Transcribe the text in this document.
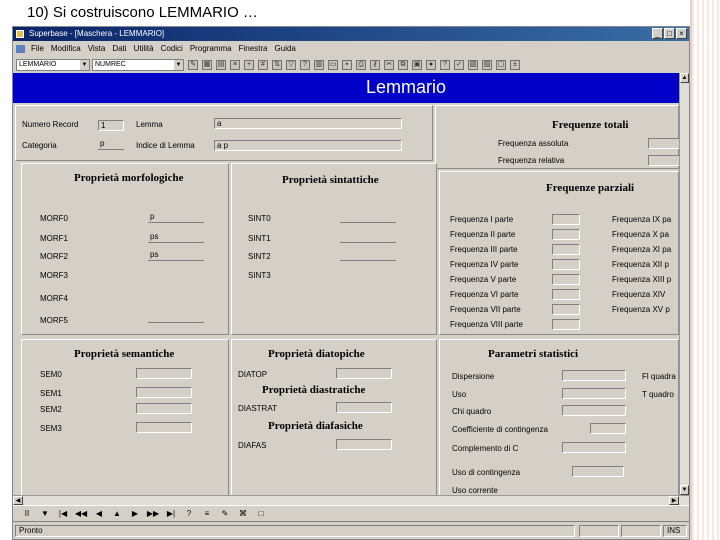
10) Si costruiscono LEMMARIO …
Superbase - [Maschera - LEMMARIO]	_ □ ×
File Modifica Vista Dati Utilità Codici Programma Finestra Guida
LEMMARIO	▼	NUMREC	▼ ✎ ▦ ▤	≡	+	#	⇅	▽	?	▥ ▭	▪	⎙	⚷	✂	⧉	▣	●	?	✓ ▧ ▨ ▢	±
Lemmario
Numero Record	1	Lemma	a
Categoria	p	Indice di Lemma	a p
Frequenze totali
Frequenza assoluta
Frequenza relativa
Proprietà morfologiche
MORF0	p
MORF1	ps
MORF2	ps
MORF3
MORF4
MORF5
Proprietà sintattiche
SINT0
SINT1
SINT2
SINT3
Frequenze parziali
Frequenza I parte
Frequenza II parte
Frequenza III parte
Frequenza IV parte
Frequenza V parte
Frequenza VI parte
Frequenza VII parte
Frequenza VIII parte
Frequenza IX pa
Frequenza X pa
Frequenza XI pa
Frequenza XII p
Frequenza XIII p
Frequenza XIV
Frequenza XV p
Proprietà semantiche
SEM0
SEM1
SEM2
SEM3
Proprietà diatopiche
DIATOP
Proprietà diastratiche
DIASTRAT
Proprietà diafasiche
DIAFAS
Parametri statistici
Dispersione
Uso
Chi quadro
Coefficiente di contingenza
Complemento di C
Uso di contingenza
Uso corrente
Fl quadra
T quadro
▲
▼
◀	▶
II	▼	|◀ ◀◀	◀	▲	▶	▶▶ ▶|	?	≡	✎	⌘	□
Pronto	INS
